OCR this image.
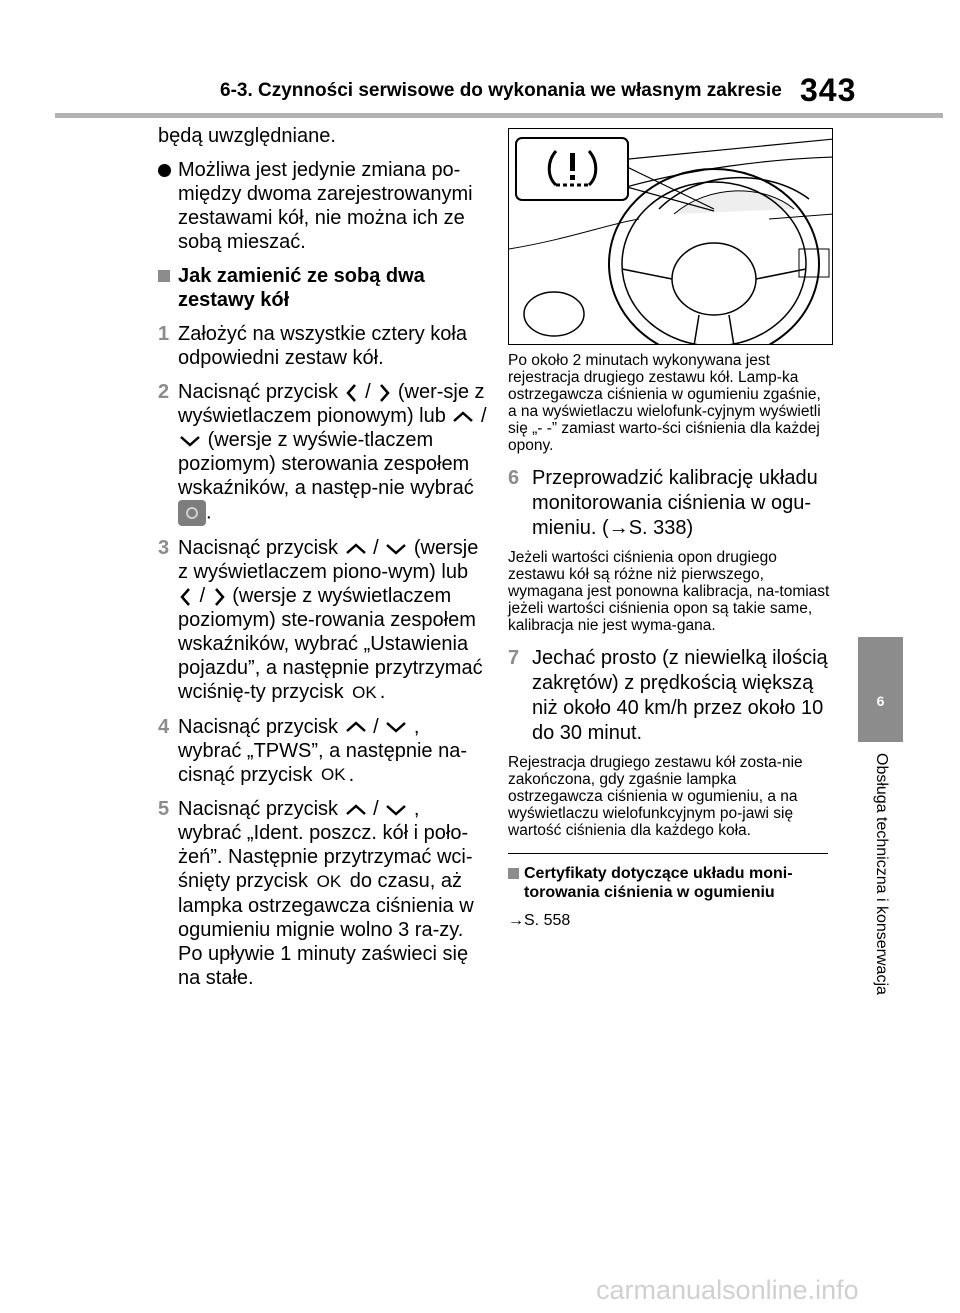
6-3. Czynności serwisowe do wykonania we własnym zakresie 343
6
Obsługa techniczna i konserwacja

będą uwzględniane.

Możliwa jest jedynie zmiana po-między dwoma zarejestrowanymi zestawami kół, nie można ich ze sobą mieszać.
Jak zamienić ze sobą dwa
zestawy kół
1 Założyć na wszystkie cztery koła odpowiedni zestaw kół.
2 Nacisnąć przycisk / (wer-sje z wyświetlaczem pionowym) lub /  (wersje z wyświe-tlaczem poziomym) sterowania zespołem wskaźników, a następ-nie wybrać .
3 Nacisnąć przycisk / (wersje z wyświetlaczem piono-wym) lub  / (wersje z wyświetlaczem poziomym) ste-rowania zespołem wskaźników, wybrać „Ustawienia pojazdu”, a następnie przytrzymać wciśnię-ty przycisk OK .
4 Nacisnąć przycisk / , wybrać „TPWS”, a następnie na-cisnąć przycisk OK .
5 Nacisnąć przycisk / , wybrać „Ident. poszcz. kół i poło-żeń”. Następnie przytrzymać wci-śnięty przycisk OK do czasu, aż lampka ostrzegawcza ciśnienia w ogumieniu mignie wolno 3 ra-zy. Po upływie 1 minuty zaświeci się na stałe.

Po około 2 minutach wykonywana jest rejestracja drugiego zestawu kół. Lamp-ka ostrzegawcza ciśnienia w ogumieniu zgaśnie, a na wyświetlaczu wielofunk-cyjnym wyświetli się „- -” zamiast warto-ści ciśnienia dla każdej opony.

6 Przeprowadzić kalibrację układu monitorowania ciśnienia w ogu-mieniu. (→S. 338)

Jeżeli wartości ciśnienia opon drugiego zestawu kół są różne niż pierwszego, wymagana jest ponowna kalibracja, na-tomiast jeżeli wartości ciśnienia opon są takie same, kalibracja nie jest wyma-gana.

7 Jechać prosto (z niewielką ilością zakrętów) z prędkością większą niż około 40 km/h przez około 10 do 30 minut.

Rejestracja drugiego zestawu kół zosta-nie zakończona, gdy zgaśnie lampka ostrzegawcza ciśnienia w ogumieniu, a na wyświetlaczu wielofunkcyjnym po-jawi się wartość ciśnienia dla każdego koła.

Certyfikaty dotyczące układu moni-torowania ciśnienia w ogumieniu

→S. 558

carmanualsonline.info
